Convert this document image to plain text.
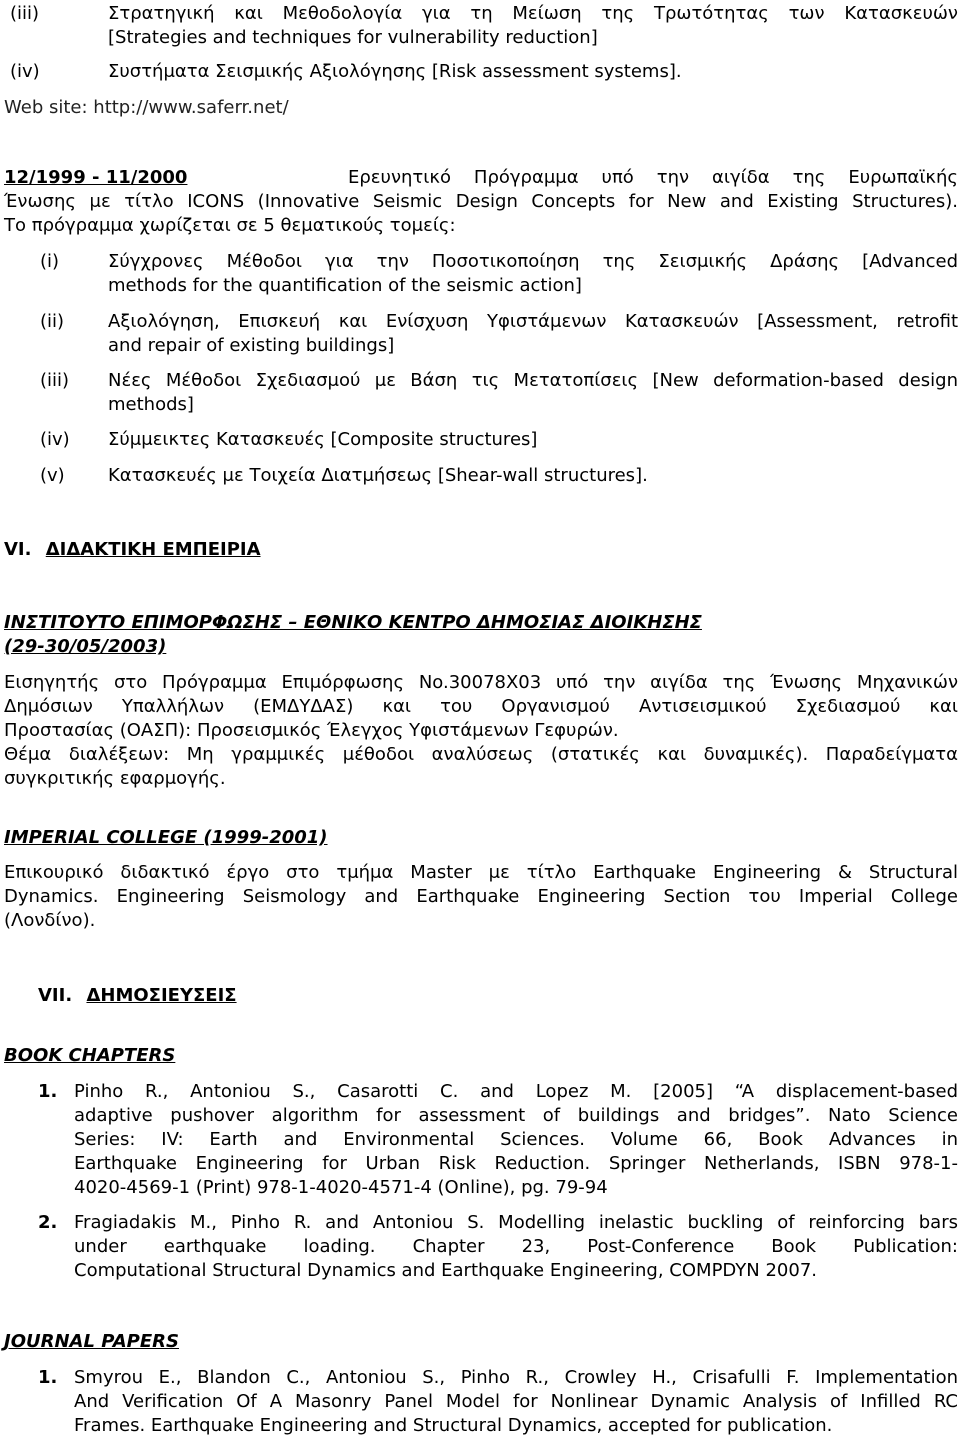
(iii)	Στρατηγική και Μεθοδολογία για τη Μείωση της Τρωτότητας των Κατασκευών
[Strategies and techniques for vulnerability reduction]
(iv)	Συστήματα Σεισμικής Αξιολόγησης [Risk assessment systems].
Web site: http://www.saferr.net/
12/1999 - 11/2000	Ερευνητικό Πρόγραμμα υπό την αιγίδα της Ευρωπαϊκής
Ένωσης με τίτλο ICONS (Innovative Seismic Design Concepts for New and Existing Structures).
Το πρόγραμμα χωρίζεται σε 5 θεματικούς τομείς:
(i)	Σύγχρονες Μέθοδοι για την Ποσοτικοποίηση της Σεισμικής Δράσης [Advanced
methods for the quantification of the seismic action]
(ii) Αξιολόγηση, Επισκευή και Ενίσχυση Υφιστάμενων Κατασκευών [Assessment, retrofit
and repair of existing buildings]
(iii) Νέες Μέθοδοι Σχεδιασμού με Βάση τις Μετατοπίσεις [New deformation-based design
methods]
(iv) Σύμμεικτες Κατασκευές [Composite structures]
(v) Κατασκευές με Τοιχεία Διατμήσεως [Shear-wall structures].
VI. ΔΙΔΑΚΤΙΚΗ ΕΜΠΕΙΡΙΑ
ΙΝΣΤΙΤΟΥΤΟ ΕΠΙΜΟΡΦΩΣΗΣ – ΕΘΝΙΚΟ ΚΕΝΤΡΟ ΔΗΜΟΣΙΑΣ ΔΙΟΙΚΗΣΗΣ
(29-30/05/2003)
Εισηγητής στο Πρόγραμμα Επιμόρφωσης No.30078X03 υπό την αιγίδα της Ένωσης Μηχανικών
Δημόσιων Υπαλλήλων (ΕΜΔΥΔΑΣ) και του Οργανισμού Αντισεισμικού Σχεδιασμού και
Προστασίας (ΟΑΣΠ): Προσεισμικός Έλεγχος Υφιστάμενων Γεφυρών.
Θέμα διαλέξεων: Μη γραμμικές μέθοδοι αναλύσεως (στατικές και δυναμικές). Παραδείγματα
συγκριτικής εφαρμογής.
IMPERIAL COLLEGE (1999-2001)
Επικουρικό διδακτικό έργο στο τμήμα Master με τίτλο Earthquake Engineering & Structural
Dynamics. Engineering Seismology and Earthquake Engineering Section του Imperial College
(Λονδίνο).
VII. ΔΗΜΟΣΙΕΥΣΕΙΣ
BOOK CHAPTERS
1. Pinho R., Antoniou S., Casarotti C. and Lopez M. [2005] “A displacement-based
adaptive pushover algorithm for assessment of buildings and bridges”. Nato Science
Series: IV: Earth and Environmental Sciences. Volume 66, Book Advances in
Earthquake Engineering for Urban Risk Reduction. Springer Netherlands, ISBN 978-1-
4020-4569-1 (Print) 978-1-4020-4571-4 (Online), pg. 79-94
2. Fragiadakis M., Pinho R. and Antoniou S. Modelling inelastic buckling of reinforcing bars
under earthquake loading. Chapter 23, Post-Conference Book Publication:
Computational Structural Dynamics and Earthquake Engineering, COMPDYN 2007.
JOURNAL PAPERS
1. Smyrou E., Blandon C., Antoniou S., Pinho R., Crowley H., Crisafulli F. Implementation
And Verification Of A Masonry Panel Model for Nonlinear Dynamic Analysis of Infilled RC
Frames. Earthquake Engineering and Structural Dynamics, accepted for publication.
